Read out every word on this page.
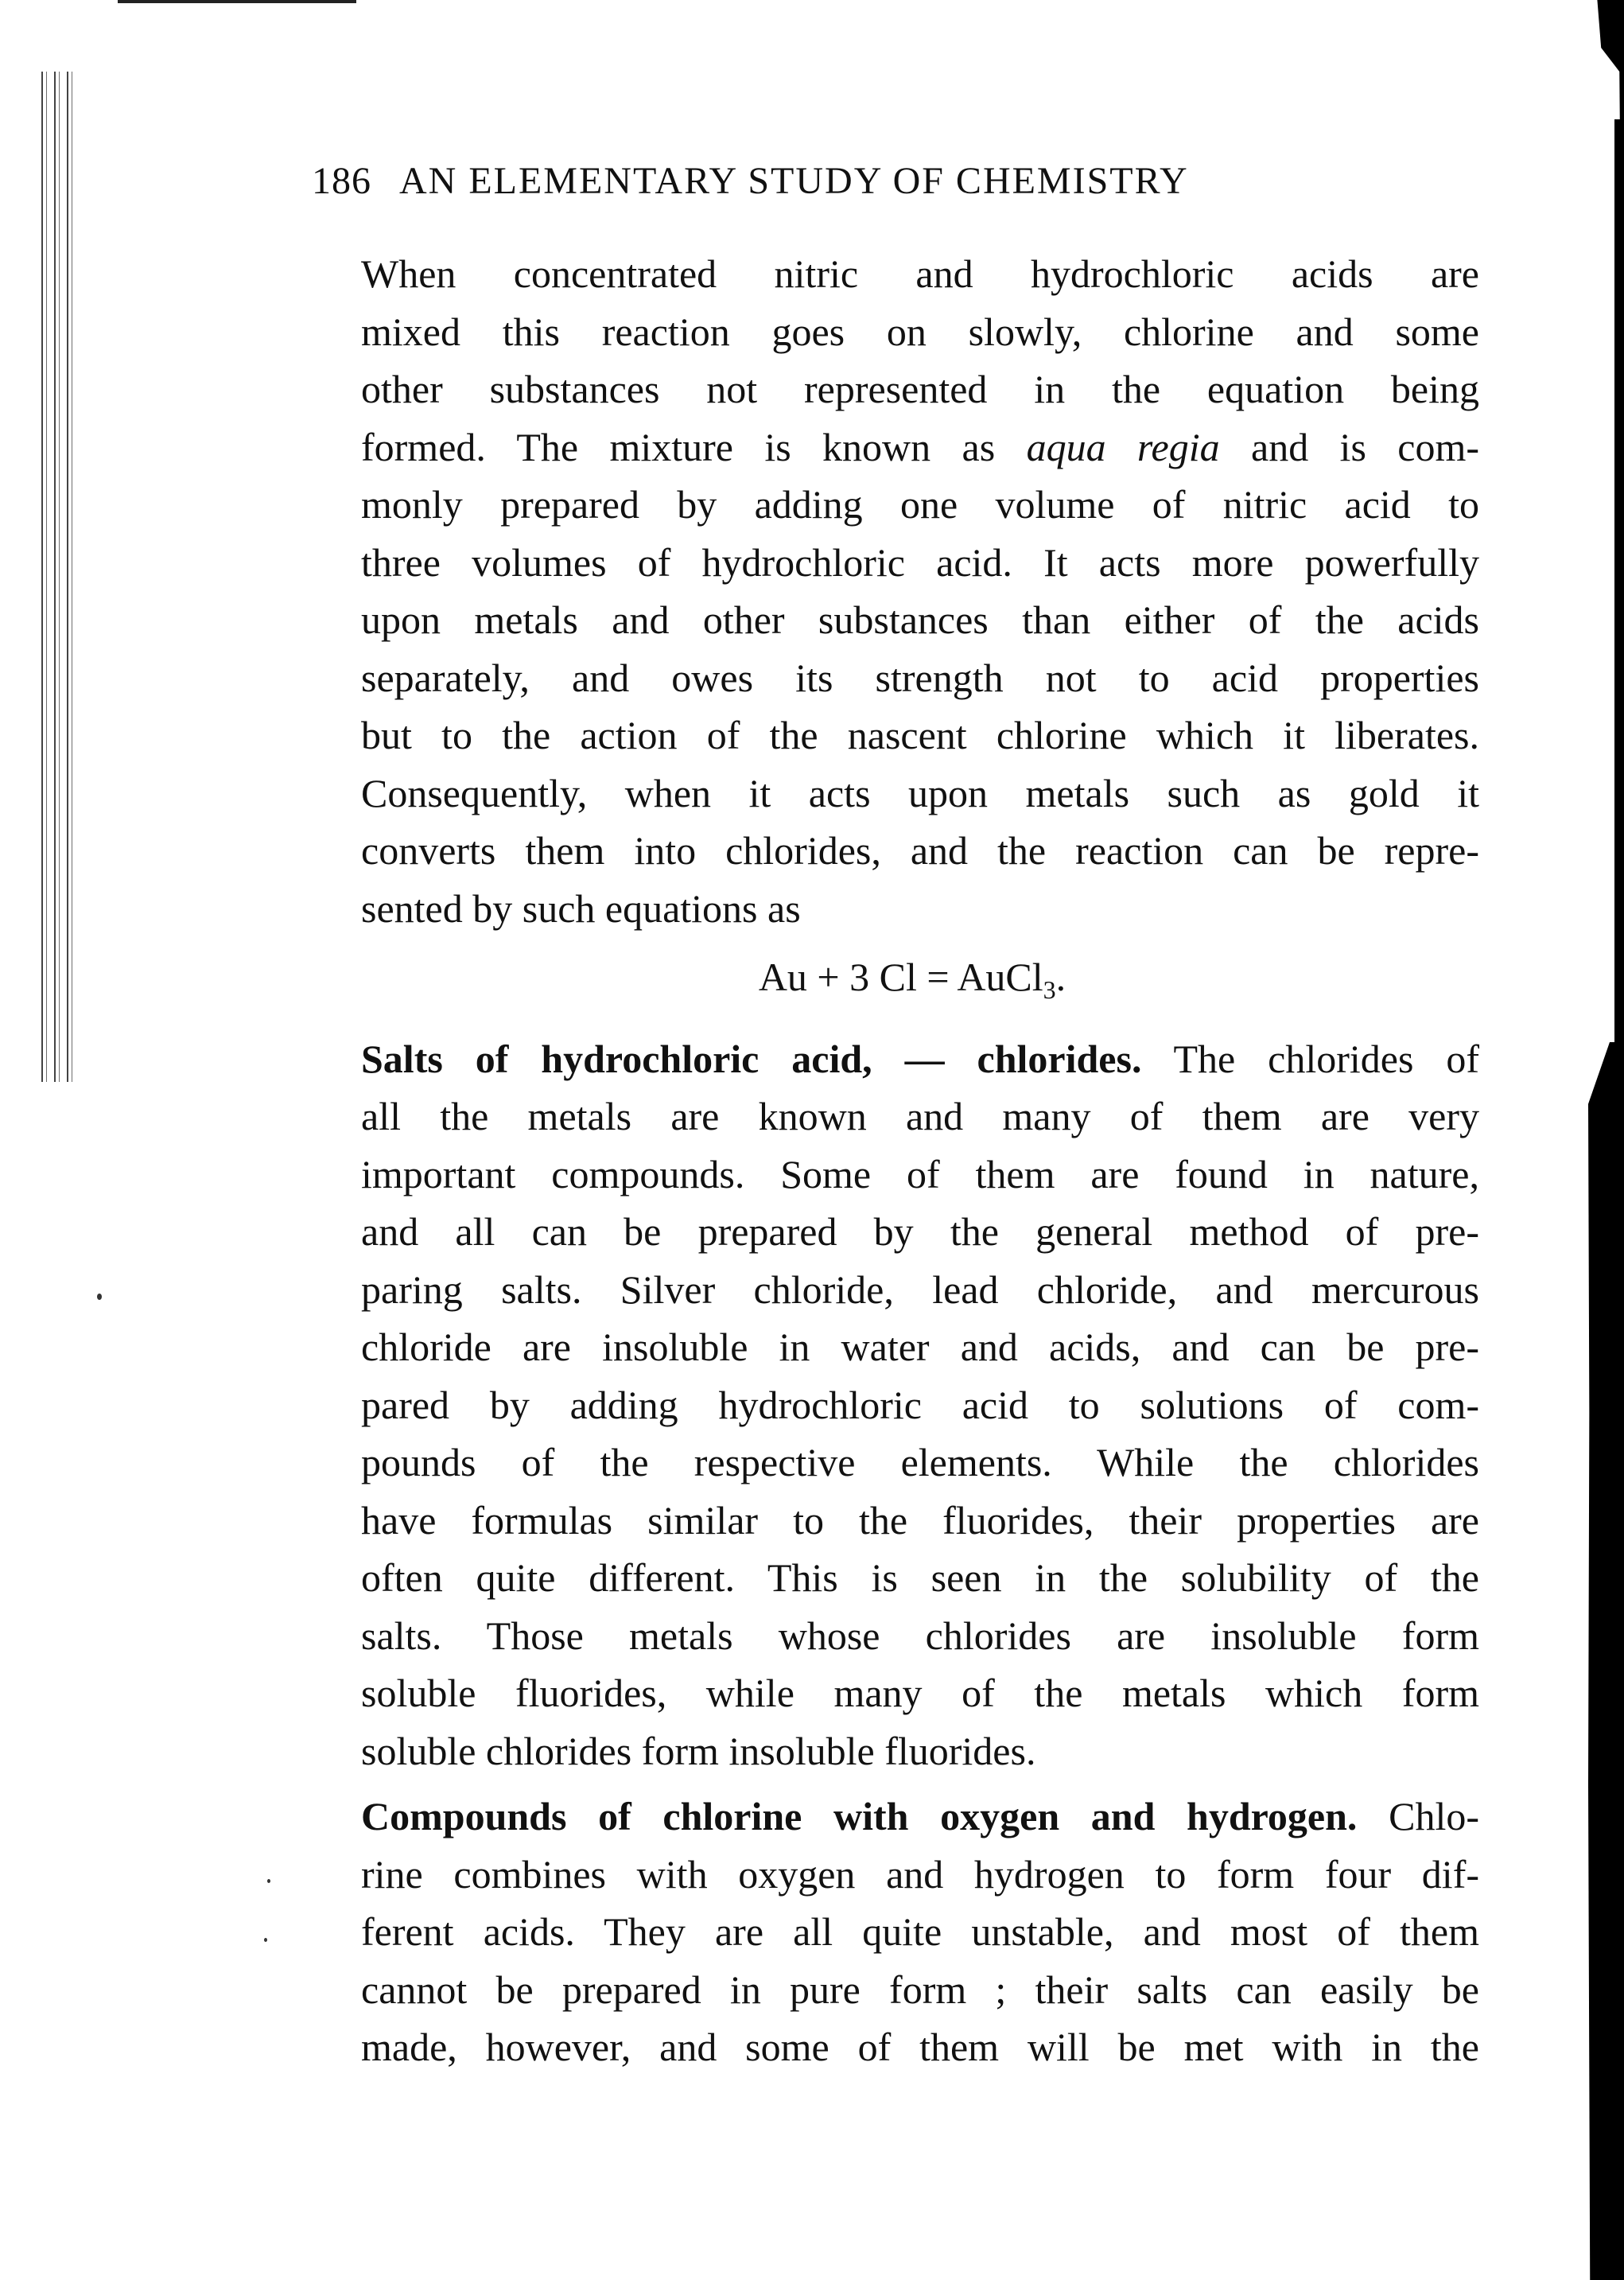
186 AN ELEMENTARY STUDY OF CHEMISTRY
When concentrated nitric and hydrochloric acids are
mixed this reaction goes on slowly, chlorine and some
other substances not represented in the equation being
formed. The mixture is known as aqua regia and is com-
monly prepared by adding one volume of nitric acid to
three volumes of hydrochloric acid. It acts more powerfully
upon metals and other substances than either of the acids
separately, and owes its strength not to acid properties
but to the action of the nascent chlorine which it liberates.
Consequently, when it acts upon metals such as gold it
converts them into chlorides, and the reaction can be repre-
sented by such equations as
Au + 3 Cl = AuCl$_3$.
Salts of hydrochloric acid, — chlorides. The chlorides of
all the metals are known and many of them are very
important compounds. Some of them are found in nature,
and all can be prepared by the general method of pre-
paring salts. Silver chloride, lead chloride, and mercurous
chloride are insoluble in water and acids, and can be pre-
pared by adding hydrochloric acid to solutions of com-
pounds of the respective elements. While the chlorides
have formulas similar to the fluorides, their properties are
often quite different. This is seen in the solubility of the
salts. Those metals whose chlorides are insoluble form
soluble fluorides, while many of the metals which form
soluble chlorides form insoluble fluorides.
Compounds of chlorine with oxygen and hydrogen. Chlo-
rine combines with oxygen and hydrogen to form four dif-
ferent acids. They are all quite unstable, and most of them
cannot be prepared in pure form ; their salts can easily be
made, however, and some of them will be met with in the
